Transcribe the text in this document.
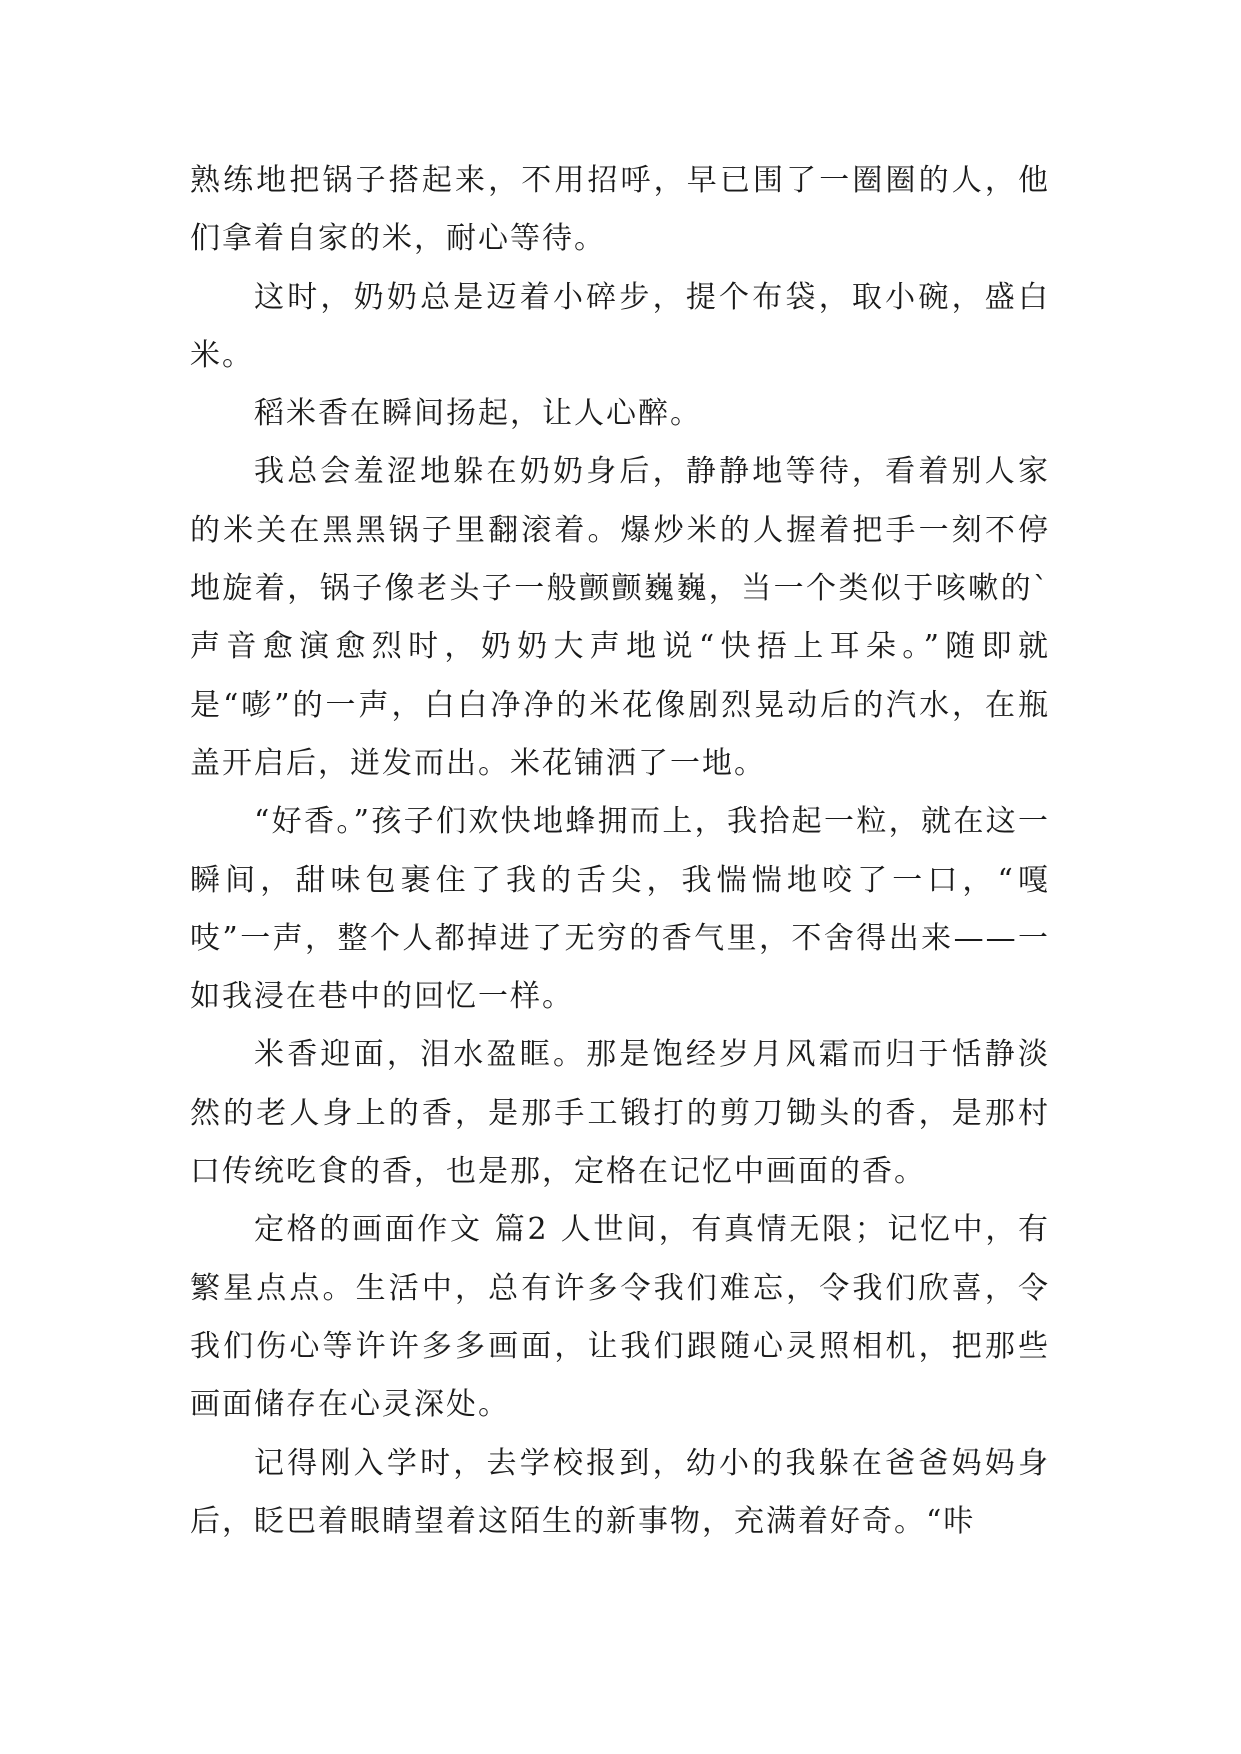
熟练地把锅子搭起来，不用招呼，早已围了一圈圈的人，他们拿着自家的米，耐心等待。

这时，奶奶总是迈着小碎步，提个布袋，取小碗，盛白米。

稻米香在瞬间扬起，让人心醉。

我总会羞涩地躲在奶奶身后，静静地等待，看着别人家的米关在黑黑锅子里翻滚着。爆炒米的人握着把手一刻不停地旋着，锅子像老头子一般颤颤巍巍，当一个类似于咳嗽的`声音愈演愈烈时，奶奶大声地说“快捂上耳朵。”随即就是“嘭”的一声，白白净净的米花像剧烈晃动后的汽水，在瓶盖开启后，迸发而出。米花铺洒了一地。

“好香。”孩子们欢快地蜂拥而上，我拾起一粒，就在这一瞬间，甜味包裹住了我的舌尖，我惴惴地咬了一口，“嘎吱”一声，整个人都掉进了无穷的香气里，不舍得出来——一如我浸在巷中的回忆一样。

米香迎面，泪水盈眶。那是饱经岁月风霜而归于恬静淡然的老人身上的香，是那手工锻打的剪刀锄头的香，是那村口传统吃食的香，也是那，定格在记忆中画面的香。

定格的画面作文 篇2 人世间，有真情无限；记忆中，有繁星点点。生活中，总有许多令我们难忘，令我们欣喜，令我们伤心等许许多多画面，让我们跟随心灵照相机，把那些画面储存在心灵深处。

记得刚入学时，去学校报到，幼小的我躲在爸爸妈妈身后，眨巴着眼睛望着这陌生的新事物，充满着好奇。“咔
